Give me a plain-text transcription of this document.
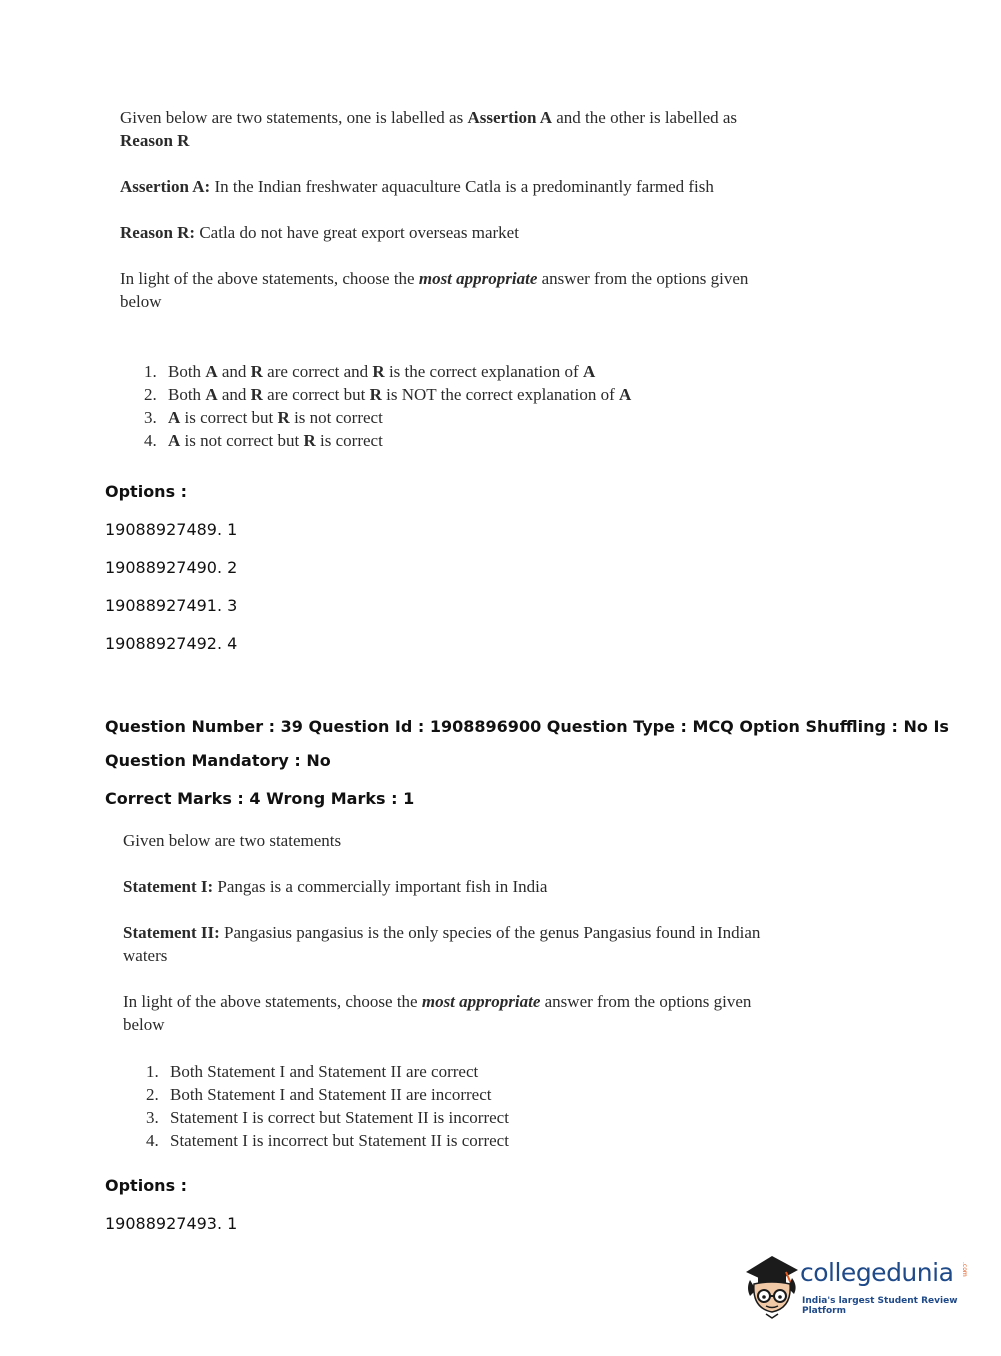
Given below are two statements, one is labelled as Assertion A and the other is labelled as
Reason R
Assertion A: In the Indian freshwater aquaculture Catla is a predominantly farmed fish
Reason R: Catla do not have great export overseas market
In light of the above statements, choose the most appropriate answer from the options given
below
1. Both A and R are correct and R is the correct explanation of A
2. Both A and R are correct but R is NOT the correct explanation of A
3. A is correct but R is not correct
4. A is not correct but R is correct
Options :
19088927489. 1
19088927490. 2
19088927491. 3
19088927492. 4
Question Number : 39 Question Id : 1908896900 Question Type : MCQ Option Shuffling : No Is
Question Mandatory : No
Correct Marks : 4 Wrong Marks : 1
Given below are two statements
Statement I: Pangas is a commercially important fish in India
Statement II: Pangasius pangasius is the only species of the genus Pangasius found in Indian
waters
In light of the above statements, choose the most appropriate answer from the options given
below
1. Both Statement I and Statement II are correct
2. Both Statement I and Statement II are incorrect
3. Statement I is correct but Statement II is incorrect
4. Statement I is incorrect but Statement II is correct
Options :
19088927493. 1
collegedunia .com
India's largest Student Review Platform
